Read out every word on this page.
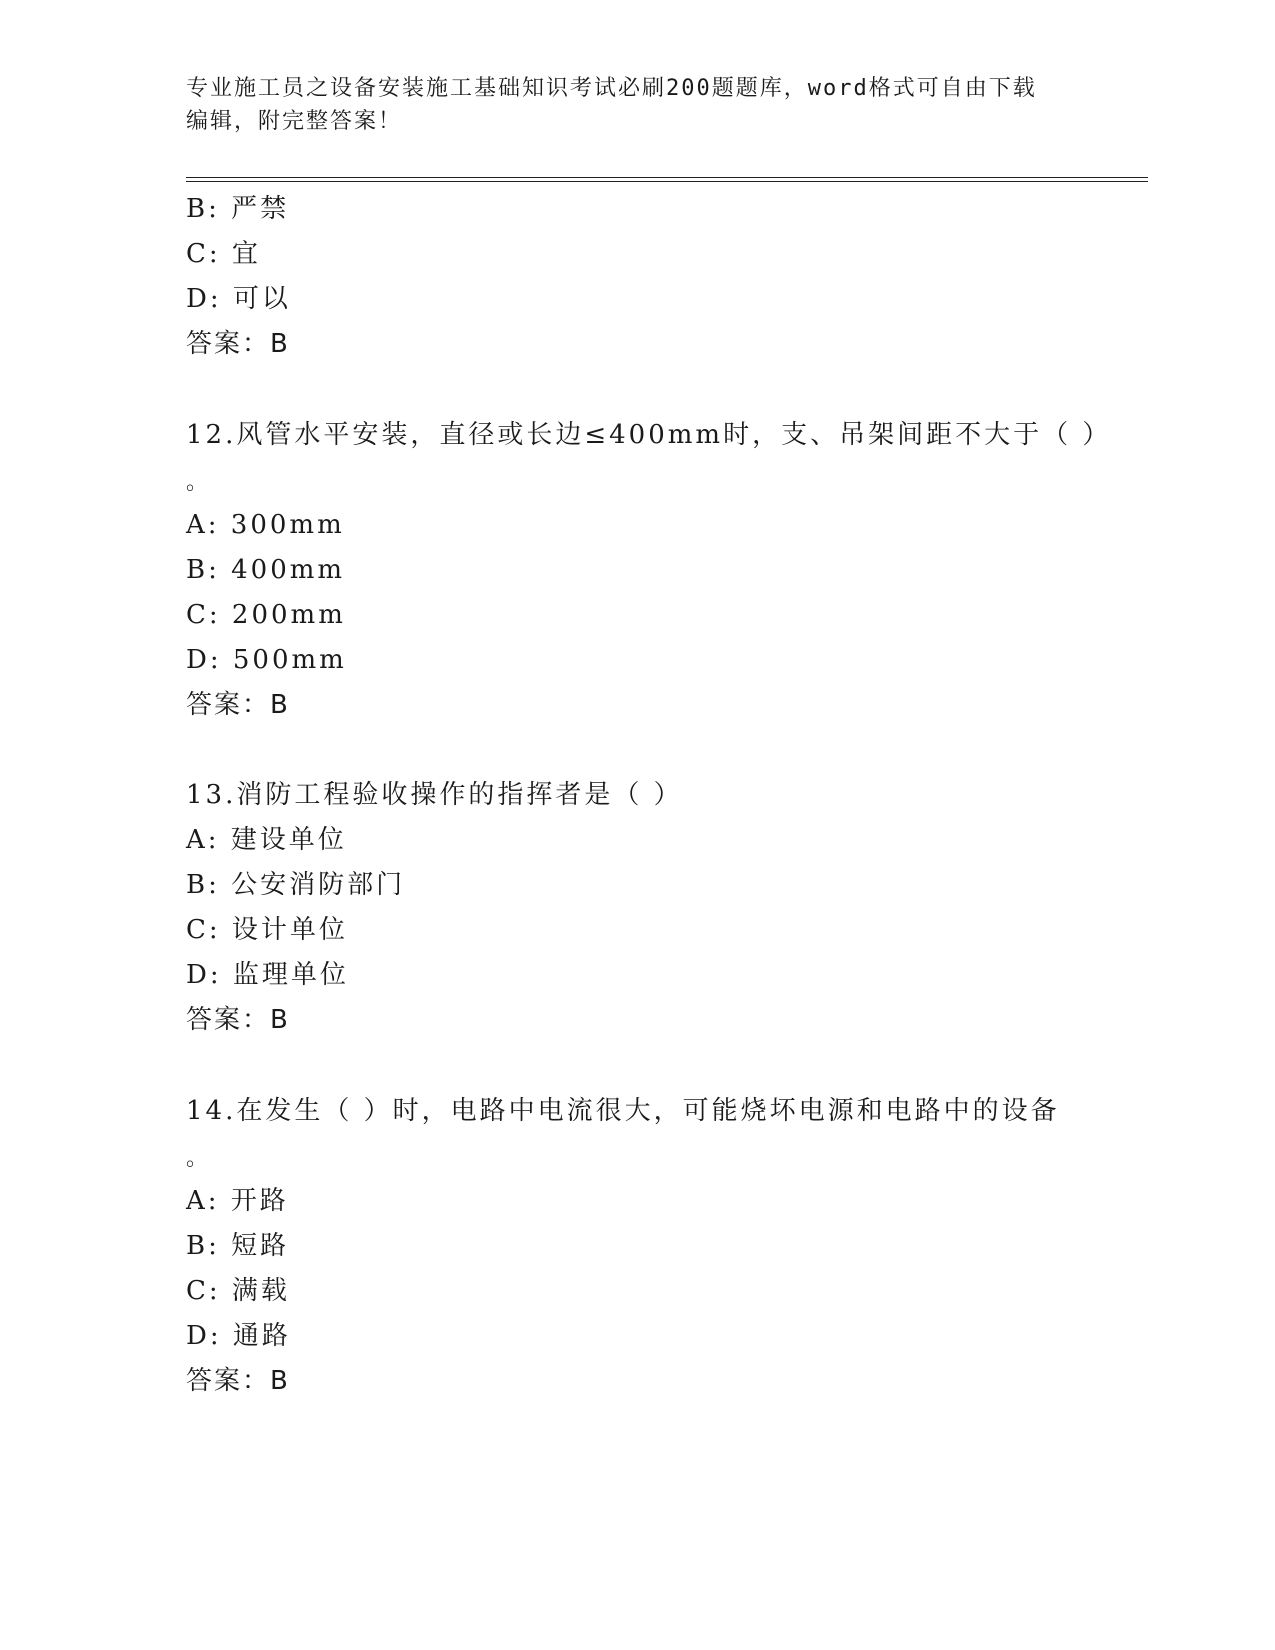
专业施工员之设备安装施工基础知识考试必刷200题题库，word格式可自由下载
编辑，附完整答案！
B: 严禁
C: 宜
D: 可以
答案：B
12.风管水平安装，直径或长边≤400mm时，支、吊架间距不大于（ ）
。
A: 300mm
B: 400mm
C: 200mm
D: 500mm
答案：B
13.消防工程验收操作的指挥者是（ ）
A: 建设单位
B: 公安消防部门
C: 设计单位
D: 监理单位
答案：B
14.在发生（ ）时，电路中电流很大，可能烧坏电源和电路中的设备
。
A: 开路
B: 短路
C: 满载
D: 通路
答案：B
